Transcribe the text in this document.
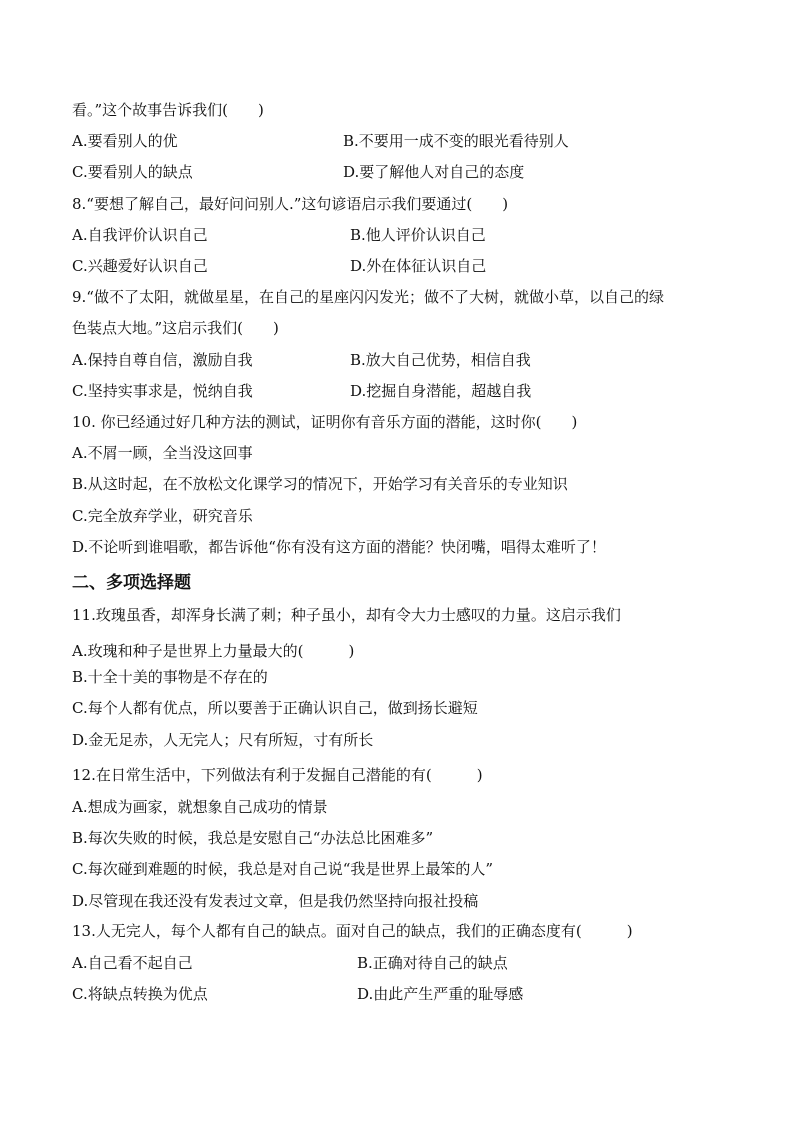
看。”这个故事告诉我们(　　)
A.要看别人的优	B.不要用一成不变的眼光看待别人
C.要看别人的缺点	D.要了解他人对自己的态度
8.“要想了解自己，最好问问别人.”这句谚语启示我们要通过(　　)
A.自我评价认识自己	B.他人评价认识自己
C.兴趣爱好认识自己	D.外在体征认识自己
9.“做不了太阳，就做星星，在自己的星座闪闪发光；做不了大树，就做小草，以自己的绿
色装点大地。”这启示我们(　　)
A.保持自尊自信，激励自我	B.放大自己优势，相信自我
C.坚持实事求是，悦纳自我	D.挖掘自身潜能，超越自我
10. 你已经通过好几种方法的测试，证明你有音乐方面的潜能，这时你(　　)
A.不屑一顾，全当没这回事
B.从这时起，在不放松文化课学习的情况下，开始学习有关音乐的专业知识
C.完全放弃学业，研究音乐
D.不论听到谁唱歌，都告诉他“你有没有这方面的潜能？快闭嘴，唱得太难听了！
二、多项选择题
11.玫瑰虽香，却浑身长满了刺；种子虽小，却有令大力士感叹的力量。这启示我们
A.玫瑰和种子是世界上力量最大的(　　　)
B.十全十美的事物是不存在的
C.每个人都有优点，所以要善于正确认识自己，做到扬长避短
D.金无足赤，人无完人；尺有所短，寸有所长
12.在日常生活中，下列做法有利于发掘自己潜能的有(　　　)
A.想成为画家，就想象自己成功的情景
B.每次失败的时候，我总是安慰自己“办法总比困难多”
C.每次碰到难题的时候，我总是对自己说“我是世界上最笨的人”
D.尽管现在我还没有发表过文章，但是我仍然坚持向报社投稿
13.人无完人，每个人都有自己的缺点。面对自己的缺点，我们的正确态度有(　　　)
A.自己看不起自己	B.正确对待自己的缺点
C.将缺点转换为优点	D.由此产生严重的耻辱感
